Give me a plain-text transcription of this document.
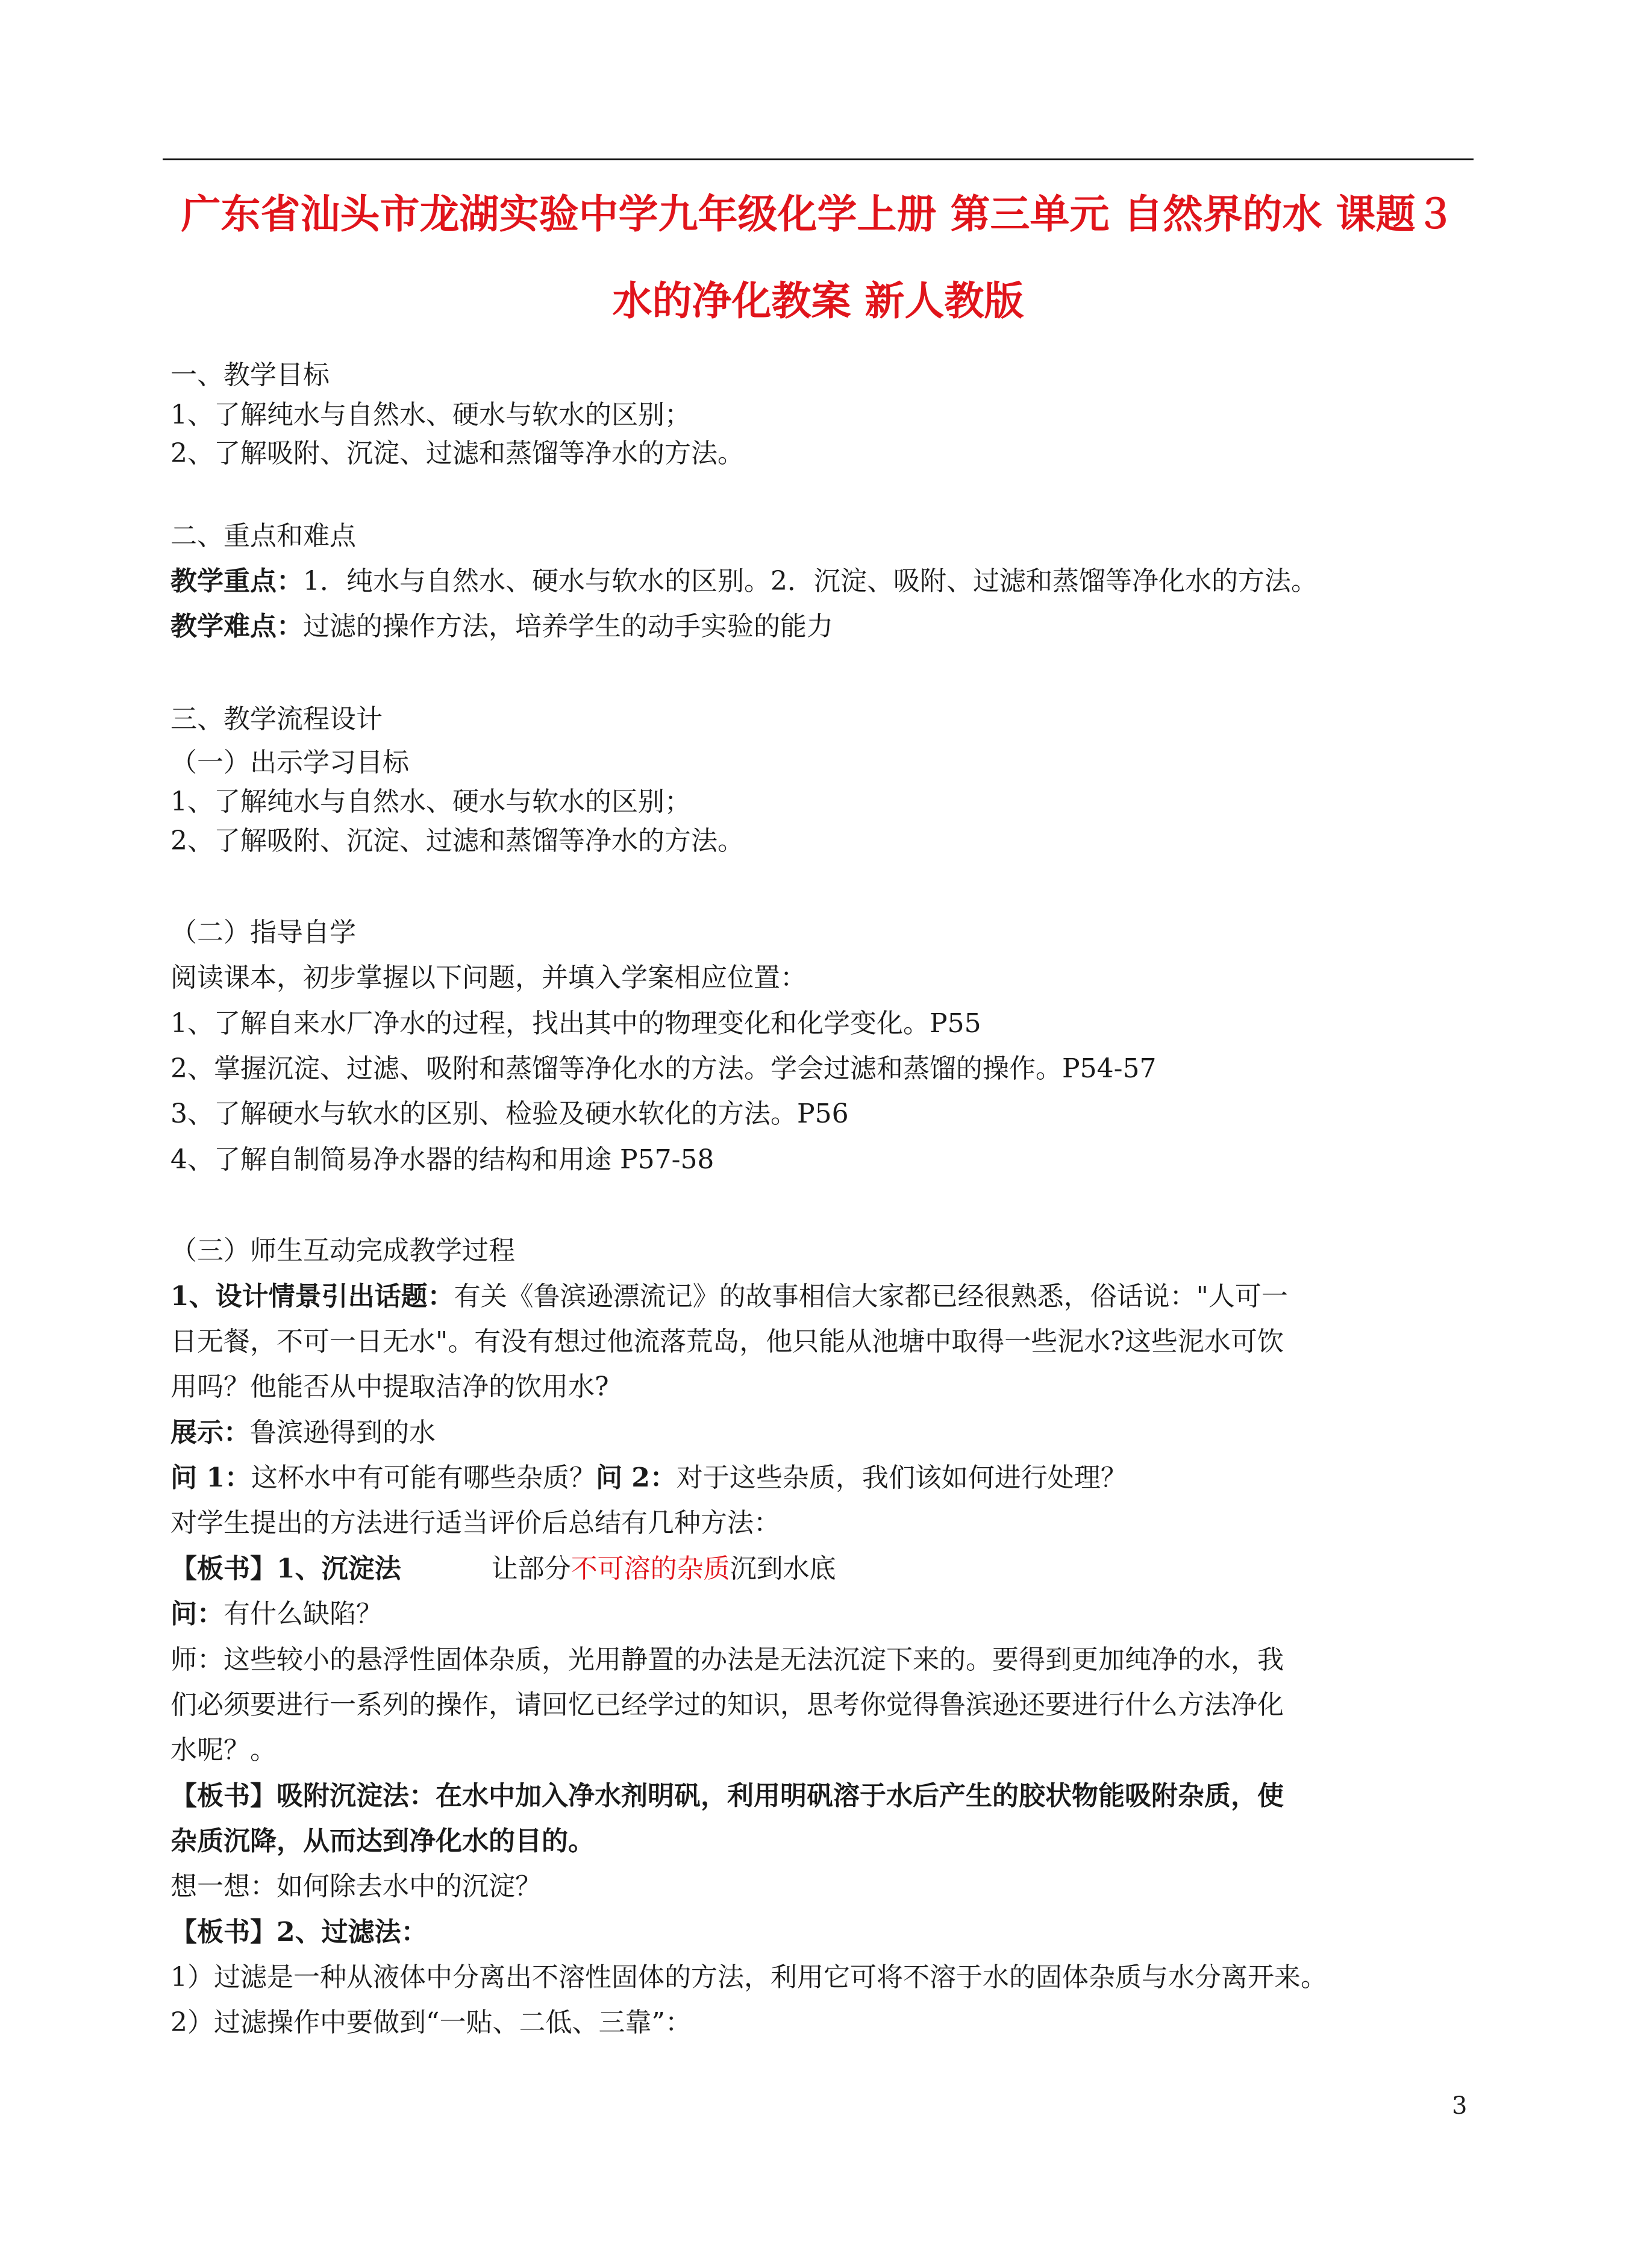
广东省汕头市龙湖实验中学九年级化学上册 第三单元 自然界的水 课题３
水的净化教案 新人教版
一、教学目标
1、了解纯水与自然水、硬水与软水的区别；
2、了解吸附、沉淀、过滤和蒸馏等净水的方法。
二、重点和难点
教学重点：1．纯水与自然水、硬水与软水的区别。2．沉淀、吸附、过滤和蒸馏等净化水的方法。
教学难点：过滤的操作方法，培养学生的动手实验的能力
三、教学流程设计
（一）出示学习目标
1、了解纯水与自然水、硬水与软水的区别；
2、了解吸附、沉淀、过滤和蒸馏等净水的方法。
（二）指导自学
阅读课本，初步掌握以下问题，并填入学案相应位置：
1、了解自来水厂净水的过程，找出其中的物理变化和化学变化。P55
2、掌握沉淀、过滤、吸附和蒸馏等净化水的方法。学会过滤和蒸馏的操作。P54-57
3、了解硬水与软水的区别、检验及硬水软化的方法。P56
4、了解自制简易净水器的结构和用途 P57-58
（三）师生互动完成教学过程
1、设计情景引出话题：有关《鲁滨逊漂流记》的故事相信大家都已经很熟悉，俗话说："人可一
日无餐，不可一日无水"。有没有想过他流落荒岛，他只能从池塘中取得一些泥水?这些泥水可饮
用吗？他能否从中提取洁净的饮用水?
展示：鲁滨逊得到的水
问 1：这杯水中有可能有哪些杂质？问 2：对于这些杂质，我们该如何进行处理？
对学生提出的方法进行适当评价后总结有几种方法：
【板书】1、沉淀法	让部分不可溶的杂质沉到水底
问：有什么缺陷？
师：这些较小的悬浮性固体杂质，光用静置的办法是无法沉淀下来的。要得到更加纯净的水，我
们必须要进行一系列的操作，请回忆已经学过的知识，思考你觉得鲁滨逊还要进行什么方法净化
水呢？。
【板书】吸附沉淀法：在水中加入净水剂明矾，利用明矾溶于水后产生的胶状物能吸附杂质，使
杂质沉降，从而达到净化水的目的。
想一想：如何除去水中的沉淀？
【板书】2、过滤法：
1）过滤是一种从液体中分离出不溶性固体的方法，利用它可将不溶于水的固体杂质与水分离开来。
2）过滤操作中要做到“一贴、二低、三靠”：
3
